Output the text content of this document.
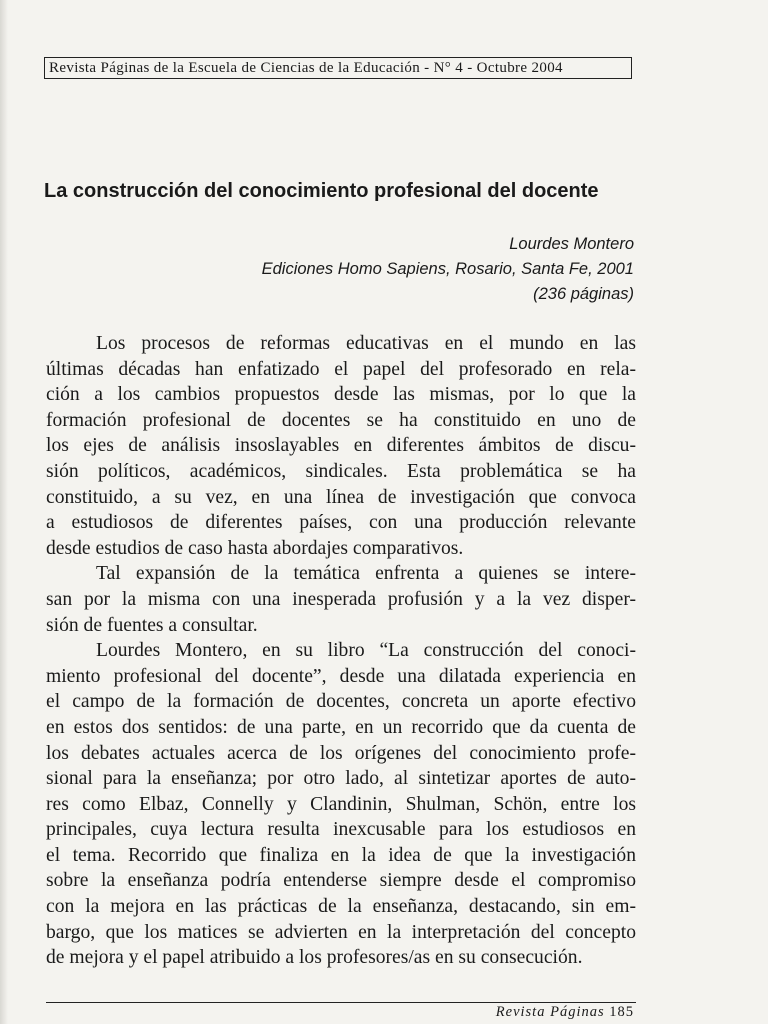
Revista Páginas de la Escuela de Ciencias de la Educación - N° 4 - Octubre 2004
La construcción del conocimiento profesional del docente
Lourdes Montero
Ediciones Homo Sapiens, Rosario, Santa Fe, 2001
(236 páginas)
Los procesos de reformas educativas en el mundo en las
últimas décadas han enfatizado el papel del profesorado en rela-
ción a los cambios propuestos desde las mismas, por lo que la
formación profesional de docentes se ha constituido en uno de
los ejes de análisis insoslayables en diferentes ámbitos de discu-
sión políticos, académicos, sindicales. Esta problemática se ha
constituido, a su vez, en una línea de investigación que convoca
a estudiosos de diferentes países, con una producción relevante
desde estudios de caso hasta abordajes comparativos.
Tal expansión de la temática enfrenta a quienes se intere-
san por la misma con una inesperada profusión y a la vez disper-
sión de fuentes a consultar.
Lourdes Montero, en su libro “La construcción del conoci-
miento profesional del docente”, desde una dilatada experiencia en
el campo de la formación de docentes, concreta un aporte efectivo
en estos dos sentidos: de una parte, en un recorrido que da cuenta de
los debates actuales acerca de los orígenes del conocimiento profe-
sional para la enseñanza; por otro lado, al sintetizar aportes de auto-
res como Elbaz, Connelly y Clandinin, Shulman, Schön, entre los
principales, cuya lectura resulta inexcusable para los estudiosos en
el tema. Recorrido que finaliza en la idea de que la investigación
sobre la enseñanza podría entenderse siempre desde el compromiso
con la mejora en las prácticas de la enseñanza, destacando, sin em-
bargo, que los matices se advierten en la interpretación del concepto
de mejora y el papel atribuido a los profesores/as en su consecución.
Revista Páginas 185
